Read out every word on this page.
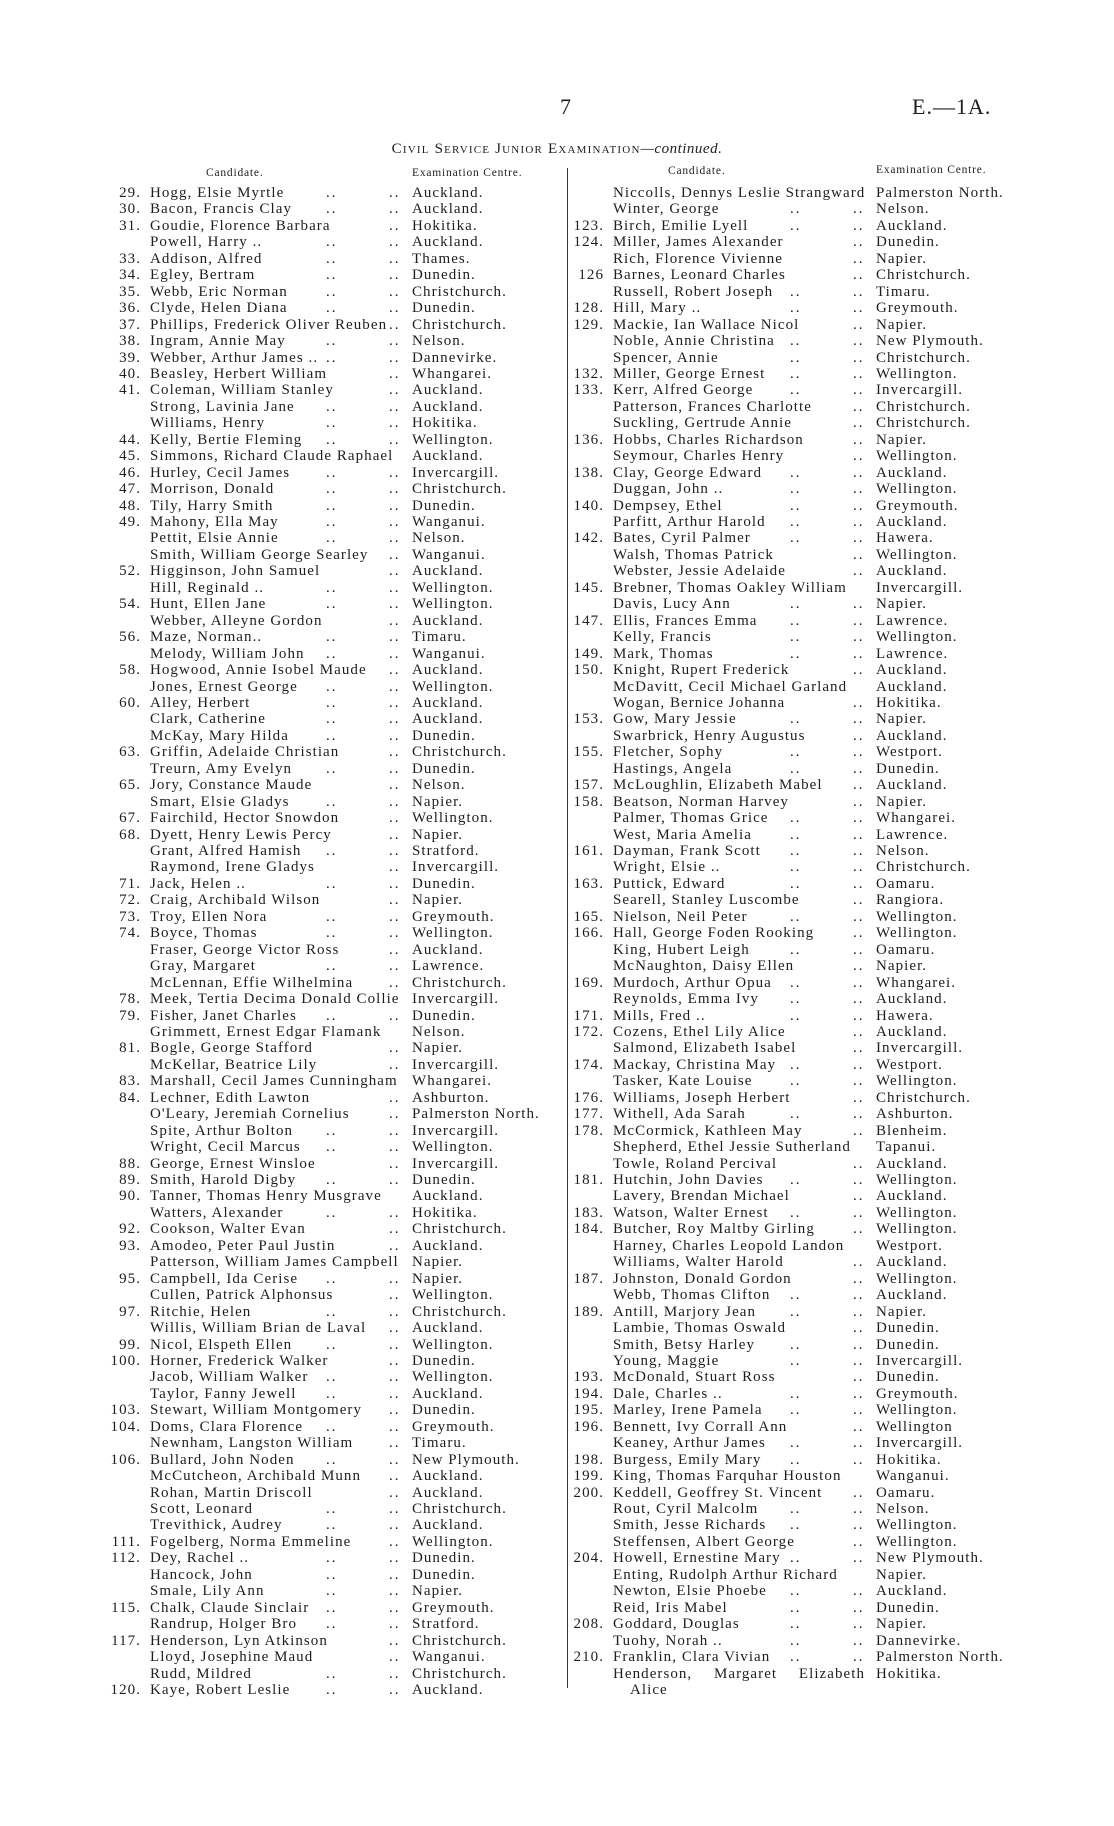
7	E.—1A.
Civil Service Junior Examination—continued.
Candidate.	Examination Centre.	Candidate.	Examination Centre.
29. Hogg, Elsie Myrtle	..	.. Auckland.
30. Bacon, Francis Clay ..	.. Auckland.
31. Goudie, Florence Barbara	.. Hokitika.
Powell, Harry ..	..	.. Auckland.
33. Addison, Alfred	..	.. Thames.
34. Egley, Bertram	..	.. Dunedin.
35. Webb, Eric Norman	..	.. Christchurch.
36. Clyde, Helen Diana	..	.. Dunedin.
37. Phillips, Frederick Oliver Reuben .. Christchurch.
38. Ingram, Annie May	..	.. Nelson.
39. Webber, Arthur James .. ..	.. Dannevirke.
40. Beasley, Herbert William	.. Whangarei.
41. Coleman, William Stanley	.. Auckland.
Strong, Lavinia Jane ..	.. Auckland.
Williams, Henry	..	.. Hokitika.
44. Kelly, Bertie Fleming ..	.. Wellington.
45. Simmons, Richard Claude Raphael Auckland.
46. Hurley, Cecil James ..	.. Invercargill.
47. Morrison, Donald	..	.. Christchurch.
48. Tily, Harry Smith	..	.. Dunedin.
49. Mahony, Ella May	..	.. Wanganui.
Pettit, Elsie Annie	..	.. Nelson.
Smith, William George Searley .. Wanganui.
52. Higginson, John Samuel	.. Auckland.
Hill, Reginald ..	..	.. Wellington.
54. Hunt, Ellen Jane	..	.. Wellington.
Webber, Alleyne Gordon	.. Auckland.
56. Maze, Norman..	..	.. Timaru.
Melody, William John ..	.. Wanganui.
58. Hogwood, Annie Isobel Maude .. Auckland.
Jones, Ernest George ..	.. Wellington.
60. Alley, Herbert	..	.. Auckland.
Clark, Catherine	..	.. Auckland.
McKay, Mary Hilda ..	.. Dunedin.
63. Griffin, Adelaide Christian	.. Christchurch.
Treurn, Amy Evelyn ..	.. Dunedin.
65. Jory, Constance Maude	.. Nelson.
Smart, Elsie Gladys ..	.. Napier.
67. Fairchild, Hector Snowdon	.. Wellington.
68. Dyett, Henry Lewis Percy	.. Napier.
Grant, Alfred Hamish ..	.. Stratford.
Raymond, Irene Gladys	.. Invercargill.
71. Jack, Helen ..	..	.. Dunedin.
72. Craig, Archibald Wilson	.. Napier.
73. Troy, Ellen Nora	..	.. Greymouth.
74. Boyce, Thomas	..	.. Wellington.
Fraser, George Victor Ross	.. Auckland.
Gray, Margaret	..	.. Lawrence.
McLennan, Effie Wilhelmina .. Christchurch.
78. Meek, Tertia Decima Donald Collie Invercargill.
79. Fisher, Janet Charles ..	.. Dunedin.
Grimmett, Ernest Edgar Flamank Nelson.
81. Bogle, George Stafford	.. Napier.
McKellar, Beatrice Lily	.. Invercargill.
83. Marshall, Cecil James Cunningham Whangarei.
84. Lechner, Edith Lawton	.. Ashburton.
O'Leary, Jeremiah Cornelius	.. Palmerston North.
Spite, Arthur Bolton ..	.. Invercargill.
Wright, Cecil Marcus ..	.. Wellington.
88. George, Ernest Winsloe	.. Invercargill.
89. Smith, Harold Digby ..	.. Dunedin.
90. Tanner, Thomas Henry Musgrave Auckland.
Watters, Alexander	..	.. Hokitika.
92. Cookson, Walter Evan	.. Christchurch.
93. Amodeo, Peter Paul Justin	.. Auckland.
Patterson, William James Campbell Napier.
95. Campbell, Ida Cerise ..	.. Napier.
Cullen, Patrick Alphonsus	.. Wellington.
97. Ritchie, Helen	..	.. Christchurch.
Willis, William Brian de Laval .. Auckland.
99. Nicol, Elspeth Ellen ..	.. Wellington.
100. Horner, Frederick Walker	.. Dunedin.
Jacob, William Walker ..	.. Wellington.
Taylor, Fanny Jewell ..	.. Auckland.
103. Stewart, William Montgomery .. Dunedin.
104. Doms, Clara Florence ..	.. Greymouth.
Newnham, Langston William .. Timaru.
106. Bullard, John Noden ..	.. New Plymouth.
McCutcheon, Archibald Munn .. Auckland.
Rohan, Martin Driscoll	.. Auckland.
Scott, Leonard	..	.. Christchurch.
Trevithick, Audrey	..	.. Auckland.
111. Fogelberg, Norma Emmeline	.. Wellington.
112. Dey, Rachel ..	..	.. Dunedin.
Hancock, John	..	.. Dunedin.
Smale, Lily Ann	..	.. Napier.
115. Chalk, Claude Sinclair ..	.. Greymouth.
Randrup, Holger Bro ..	.. Stratford.
117. Henderson, Lyn Atkinson	.. Christchurch.
Lloyd, Josephine Maud	.. Wanganui.
Rudd, Mildred	..	.. Christchurch.
120. Kaye, Robert Leslie ..	.. Auckland.
Niccolls, Dennys Leslie Strangward Palmerston North.
Winter, George	..	.. Nelson.
123. Birch, Emilie Lyell	..	.. Auckland.
124. Miller, James Alexander	.. Dunedin.
Rich, Florence Vivienne	.. Napier.
126 Barnes, Leonard Charles	.. Christchurch.
Russell, Robert Joseph ..	.. Timaru.
128. Hill, Mary ..	..	.. Greymouth.
129. Mackie, Ian Wallace Nicol	.. Napier.
Noble, Annie Christina ..	.. New Plymouth.
Spencer, Annie	..	.. Christchurch.
132. Miller, George Ernest ..	.. Wellington.
133. Kerr, Alfred George ..	.. Invercargill.
Patterson, Frances Charlotte	.. Christchurch.
Suckling, Gertrude Annie	.. Christchurch.
136. Hobbs, Charles Richardson	.. Napier.
Seymour, Charles Henry	.. Wellington.
138. Clay, George Edward ..	.. Auckland.
Duggan, John ..	..	.. Wellington.
140. Dempsey, Ethel	..	.. Greymouth.
Parfitt, Arthur Harold ..	.. Auckland.
142. Bates, Cyril Palmer	..	.. Hawera.
Walsh, Thomas Patrick	.. Wellington.
Webster, Jessie Adelaide	.. Auckland.
145. Brebner, Thomas Oakley William Invercargill.
Davis, Lucy Ann	..	.. Napier.
147. Ellis, Frances Emma ..	.. Lawrence.
Kelly, Francis	..	.. Wellington.
149. Mark, Thomas	..	.. Lawrence.
150. Knight, Rupert Frederick	.. Auckland.
McDavitt, Cecil Michael Garland Auckland.
Wogan, Bernice Johanna	.. Hokitika.
153. Gow, Mary Jessie	..	.. Napier.
Swarbrick, Henry Augustus	.. Auckland.
155. Fletcher, Sophy	..	.. Westport.
Hastings, Angela	..	.. Dunedin.
157. McLoughlin, Elizabeth Mabel .. Auckland.
158. Beatson, Norman Harvey	.. Napier.
Palmer, Thomas Grice ..	.. Whangarei.
West, Maria Amelia	..	.. Lawrence.
161. Dayman, Frank Scott ..	.. Nelson.
Wright, Elsie ..	..	.. Christchurch.
163. Puttick, Edward	..	.. Oamaru.
Searell, Stanley Luscombe	.. Rangiora.
165. Nielson, Neil Peter	..	.. Wellington.
166. Hall, George Foden Rooking	.. Wellington.
King, Hubert Leigh	..	.. Oamaru.
McNaughton, Daisy Ellen	.. Napier.
169. Murdoch, Arthur Opua ..	.. Whangarei.
Reynolds, Emma Ivy ..	.. Auckland.
171. Mills, Fred ..	..	.. Hawera.
172. Cozens, Ethel Lily Alice	.. Auckland.
Salmond, Elizabeth Isabel	.. Invercargill.
174. Mackay, Christina May ..	.. Westport.
Tasker, Kate Louise ..	.. Wellington.
176. Williams, Joseph Herbert	.. Christchurch.
177. Withell, Ada Sarah	..	.. Ashburton.
178. McCormick, Kathleen May	.. Blenheim.
Shepherd, Ethel Jessie Sutherland Tapanui.
Towle, Roland Percival	.. Auckland.
181. Hutchin, John Davies ..	.. Wellington.
Lavery, Brendan Michael	.. Auckland.
183. Watson, Walter Ernest ..	.. Wellington.
184. Butcher, Roy Maltby Girling	.. Wellington.
Harney, Charles Leopold Landon Westport.
Williams, Walter Harold	.. Auckland.
187. Johnston, Donald Gordon	.. Wellington.
Webb, Thomas Clifton ..	.. Auckland.
189. Antill, Marjory Jean ..	.. Napier.
Lambie, Thomas Oswald	.. Dunedin.
Smith, Betsy Harley ..	.. Dunedin.
Young, Maggie	..	.. Invercargill.
193. McDonald, Stuart Ross	.. Dunedin.
194. Dale, Charles ..	..	.. Greymouth.
195. Marley, Irene Pamela ..	.. Wellington.
196. Bennett, Ivy Corrall Ann	.. Wellington
Keaney, Arthur James ..	.. Invercargill.
198. Burgess, Emily Mary ..	.. Hokitika.
199. King, Thomas Farquhar Houston Wanganui.
200. Keddell, Geoffrey St. Vincent .. Oamaru.
Rout, Cyril Malcolm ..	.. Nelson.
Smith, Jesse Richards ..	.. Wellington.
Steffensen, Albert George	.. Wellington.
204. Howell, Ernestine Mary ..	.. New Plymouth.
Enting, Rudolph Arthur Richard	Napier.
Newton, Elsie Phoebe ..	.. Auckland.
Reid, Iris Mabel	..	.. Dunedin.
208. Goddard, Douglas	..	.. Napier.
Tuohy, Norah ..	..	.. Dannevirke.
210. Franklin, Clara Vivian ..	.. Palmerston North.
Henderson, Margaret Elizabeth Hokitika.
Alice
